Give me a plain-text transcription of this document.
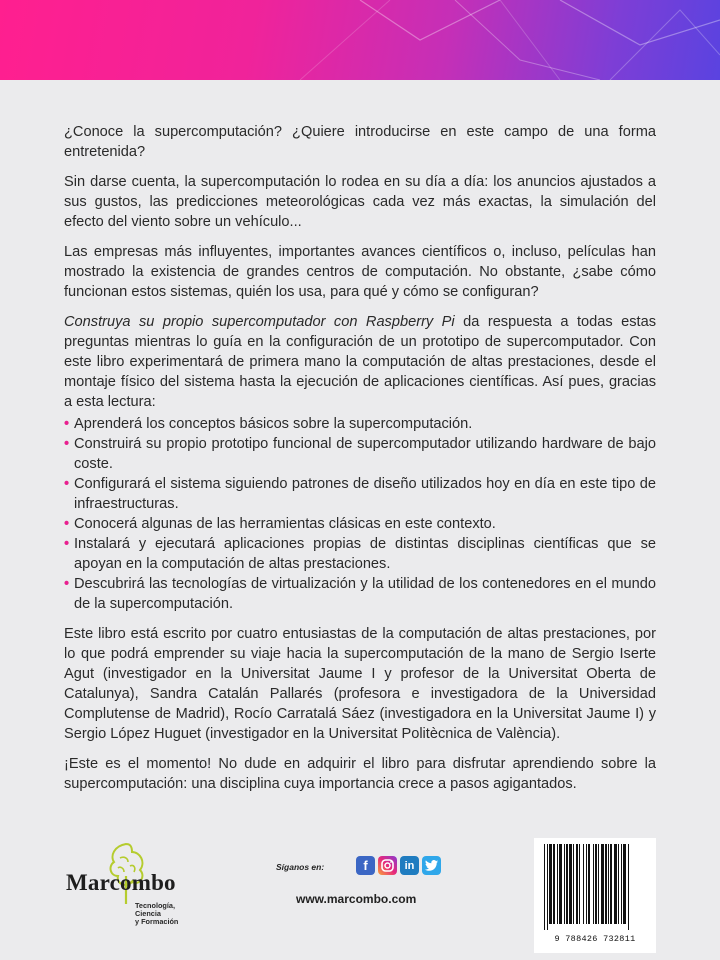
¿Conoce la supercomputación? ¿Quiere introducirse en este campo de una forma entretenida?

Sin darse cuenta, la supercomputación lo rodea en su día a día: los anuncios ajustados a sus gustos, las predicciones meteorológicas cada vez más exactas, la simulación del efecto del viento sobre un vehículo...

Las empresas más influyentes, importantes avances científicos o, incluso, películas han mostrado la existencia de grandes centros de computación. No obstante, ¿sabe cómo funcionan estos sistemas, quién los usa, para qué y cómo se configuran?

Construya su propio supercomputador con Raspberry Pi da respuesta a todas estas preguntas mientras lo guía en la configuración de un prototipo de supercomputador. Con este libro experimentará de primera mano la computación de altas prestaciones, desde el montaje físico del sistema hasta la ejecución de aplicaciones científicas. Así pues, gracias a esta lectura:

• Aprenderá los conceptos básicos sobre la supercomputación.
• Construirá su propio prototipo funcional de supercomputador utilizando hardware de bajo coste.
• Configurará el sistema siguiendo patrones de diseño utilizados hoy en día en este tipo de infraestructuras.
• Conocerá algunas de las herramientas clásicas en este contexto.
• Instalará y ejecutará aplicaciones propias de distintas disciplinas científicas que se apoyan en la computación de altas prestaciones.
• Descubrirá las tecnologías de virtualización y la utilidad de los contenedores en el mundo de la supercomputación.

Este libro está escrito por cuatro entusiastas de la computación de altas prestaciones, por lo que podrá emprender su viaje hacia la supercomputación de la mano de Sergio Iserte Agut (investigador en la Universitat Jaume I y profesor de la Universitat Oberta de Catalunya), Sandra Catalán Pallarés (profesora e investigadora de la Universidad Complutense de Madrid), Rocío Carratalá Sáez (investigadora en la Universitat Jaume I) y Sergio López Huguet (investigador en la Universitat Politècnica de València).

¡Este es el momento! No dude en adquirir el libro para disfrutar aprendiendo sobre la supercomputación: una disciplina cuya importancia crece a pasos agigantados.

Marcombo
Tecnología,
Ciencia
y Formación
Síganos en:	f	in
www.marcombo.com
9 788426 732811
